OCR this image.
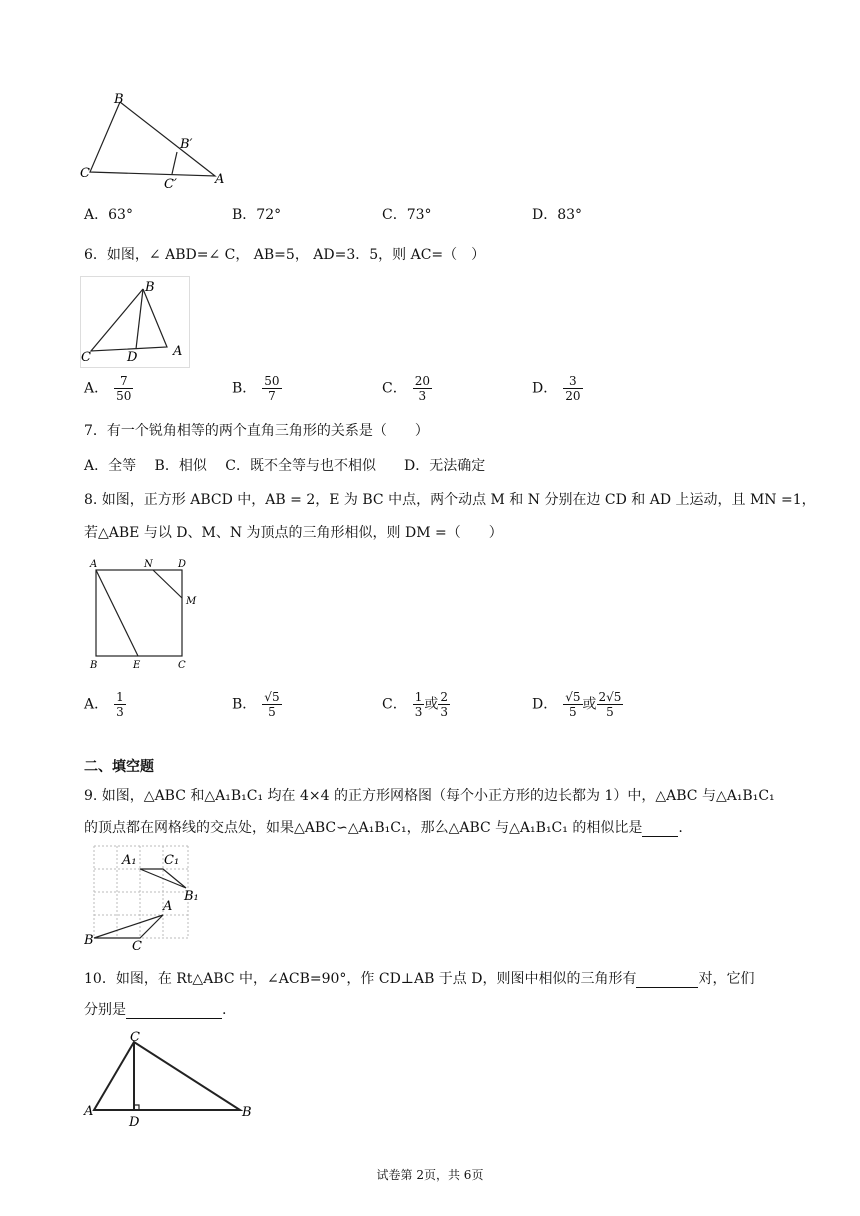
B
B′
C
C′	A
A．63°	B．72°	C．73°	D．83°
6．如图，∠ ABD=∠ C， AB=5， AD=3．5，则 AC=（　）
B
C	D	A
A． $\frac{7}{50}$	B． $\frac{50}{7}$	C． $\frac{20}{3}$	D． $\frac{3}{20}$
7．有一个锐角相等的两个直角三角形的关系是（　　）
A．全等　 B．相似　 C．既不全等与也不相似　　D．无法确定
8. 如图，正方形 ABCD 中，AB = 2，E 为 BC 中点，两个动点 M 和 N 分别在边 CD 和 AD 上运动，且 MN =1，
若△ABE 与以 D、M、N 为顶点的三角形相似，则 DM =（　　）
A	N	D
M
B	E	C
A． $\frac{1}{3}$	B． $\frac{√5}{5}$	C． $\frac{1}{3}$ 或 $\frac{2}{3}$	D． $\frac{√5}{5}$ 或 $\frac{2√5}{5}$
二、填空题
9. 如图，△ABC 和△A₁B₁C₁ 均在 4×4 的正方形网格图（每个小正方形的边长都为 1）中，△ABC 与△A₁B₁C₁
的顶点都在网格线的交点处，如果△ABC∽△A₁B₁C₁，那么△ABC 与△A₁B₁C₁ 的相似比是	.
A₁ C₁
B₁
A
B	C
10．如图，在 Rt△ABC 中，∠ACB=90°，作 CD⊥AB 于点 D，则图中相似的三角形有	对，它们
分别是	.
C
A
D
B
试卷第 2页，共 6页
